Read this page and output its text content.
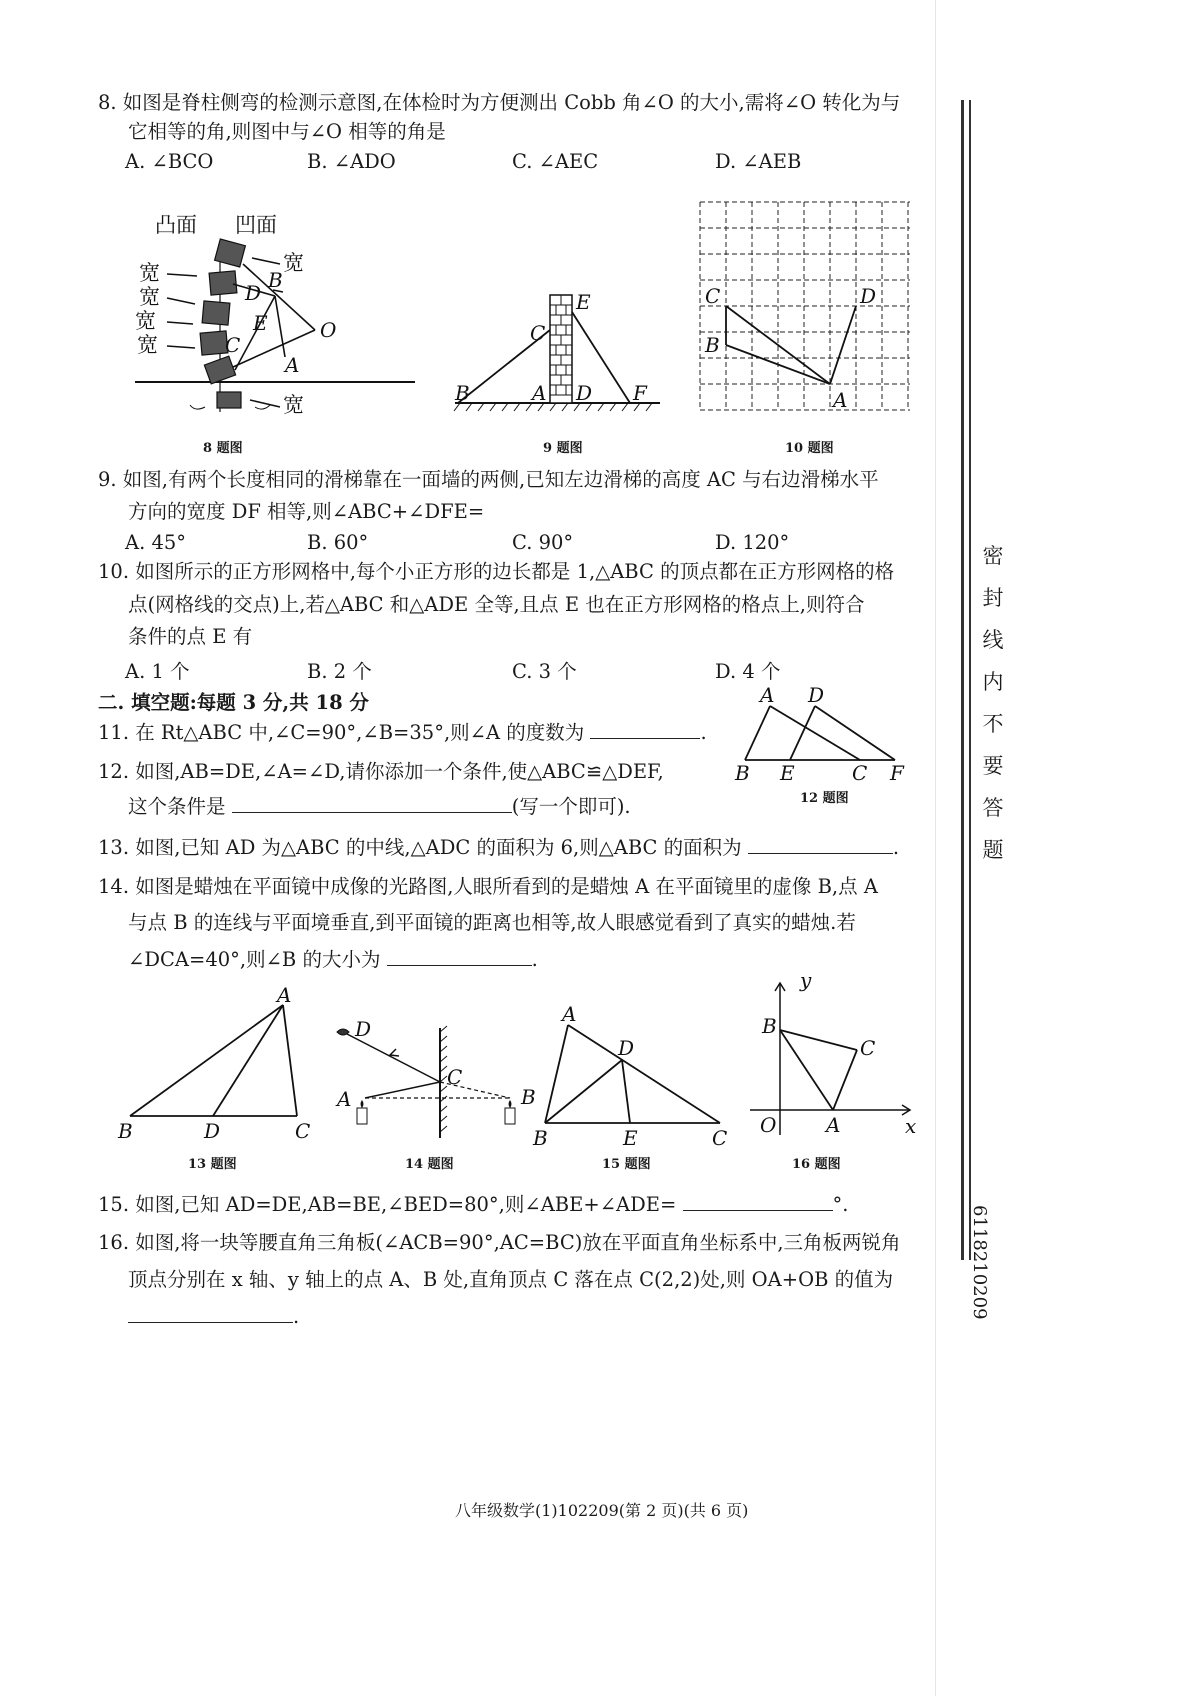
8. 如图是脊柱侧弯的检测示意图,在体检时为方便测出 Cobb 角∠O 的大小,需将∠O 转化为与
它相等的角,则图中与∠O 相等的角是
A. ∠BCO	B. ∠ADO	C. ∠AEC	D. ∠AEB
凸面 凹面
宽
宽
宽
宽
宽
宽
B
D
E	O
C
A
8 题图
E
C
B	A D F
9 题图
C	D
B
A
10 题图
9. 如图,有两个长度相同的滑梯靠在一面墙的两侧,已知左边滑梯的高度 AC 与右边滑梯水平
方向的宽度 DF 相等,则∠ABC+∠DFE=
A. 45°	B. 60°	C. 90°	D. 120°
10. 如图所示的正方形网格中,每个小正方形的边长都是 1,△ABC 的顶点都在正方形网格的格
点(网格线的交点)上,若△ABC 和△ADE 全等,且点 E 也在正方形网格的格点上,则符合
条件的点 E 有
A. 1 个	B. 2 个	C. 3 个	D. 4 个
二. 填空题:每题 3 分,共 18 分
11. 在 Rt△ABC 中,∠C=90°,∠B=35°,则∠A 的度数为	.
A D
B E	C F
12 题图
12. 如图,AB=DE,∠A=∠D,请你添加一个条件,使△ABC≌△DEF,
这个条件是	(写一个即可).
13. 如图,已知 AD 为△ABC 的中线,△ADC 的面积为 6,则△ABC 的面积为	.
14. 如图是蜡烛在平面镜中成像的光路图,人眼所看到的是蜡烛 A 在平面镜里的虚像 B,点 A
与点 B 的连线与平面境垂直,到平面镜的距离也相等,故人眼感觉看到了真实的蜡烛.若
∠DCA=40°,则∠B 的大小为	.
A
B	D	C
13 题图
D
C
A	B
14 题图
A
D
B	E	C
15 题图
y
B
C
O A	x
16 题图
15. 如图,已知 AD=DE,AB=BE,∠BED=80°,则∠ABE+∠ADE=	°.
16. 如图,将一块等腰直角三角板(∠ACB=90°,AC=BC)放在平面直角坐标系中,三角板两锐角
顶点分别在 x 轴、y 轴上的点 A、B 处,直角顶点 C 落在点 C(2,2)处,则 OA+OB 的值为
.
八年级数学(1)102209(第 2 页)(共 6 页)
密
封
线
内
不
要
答
题
6118210209
